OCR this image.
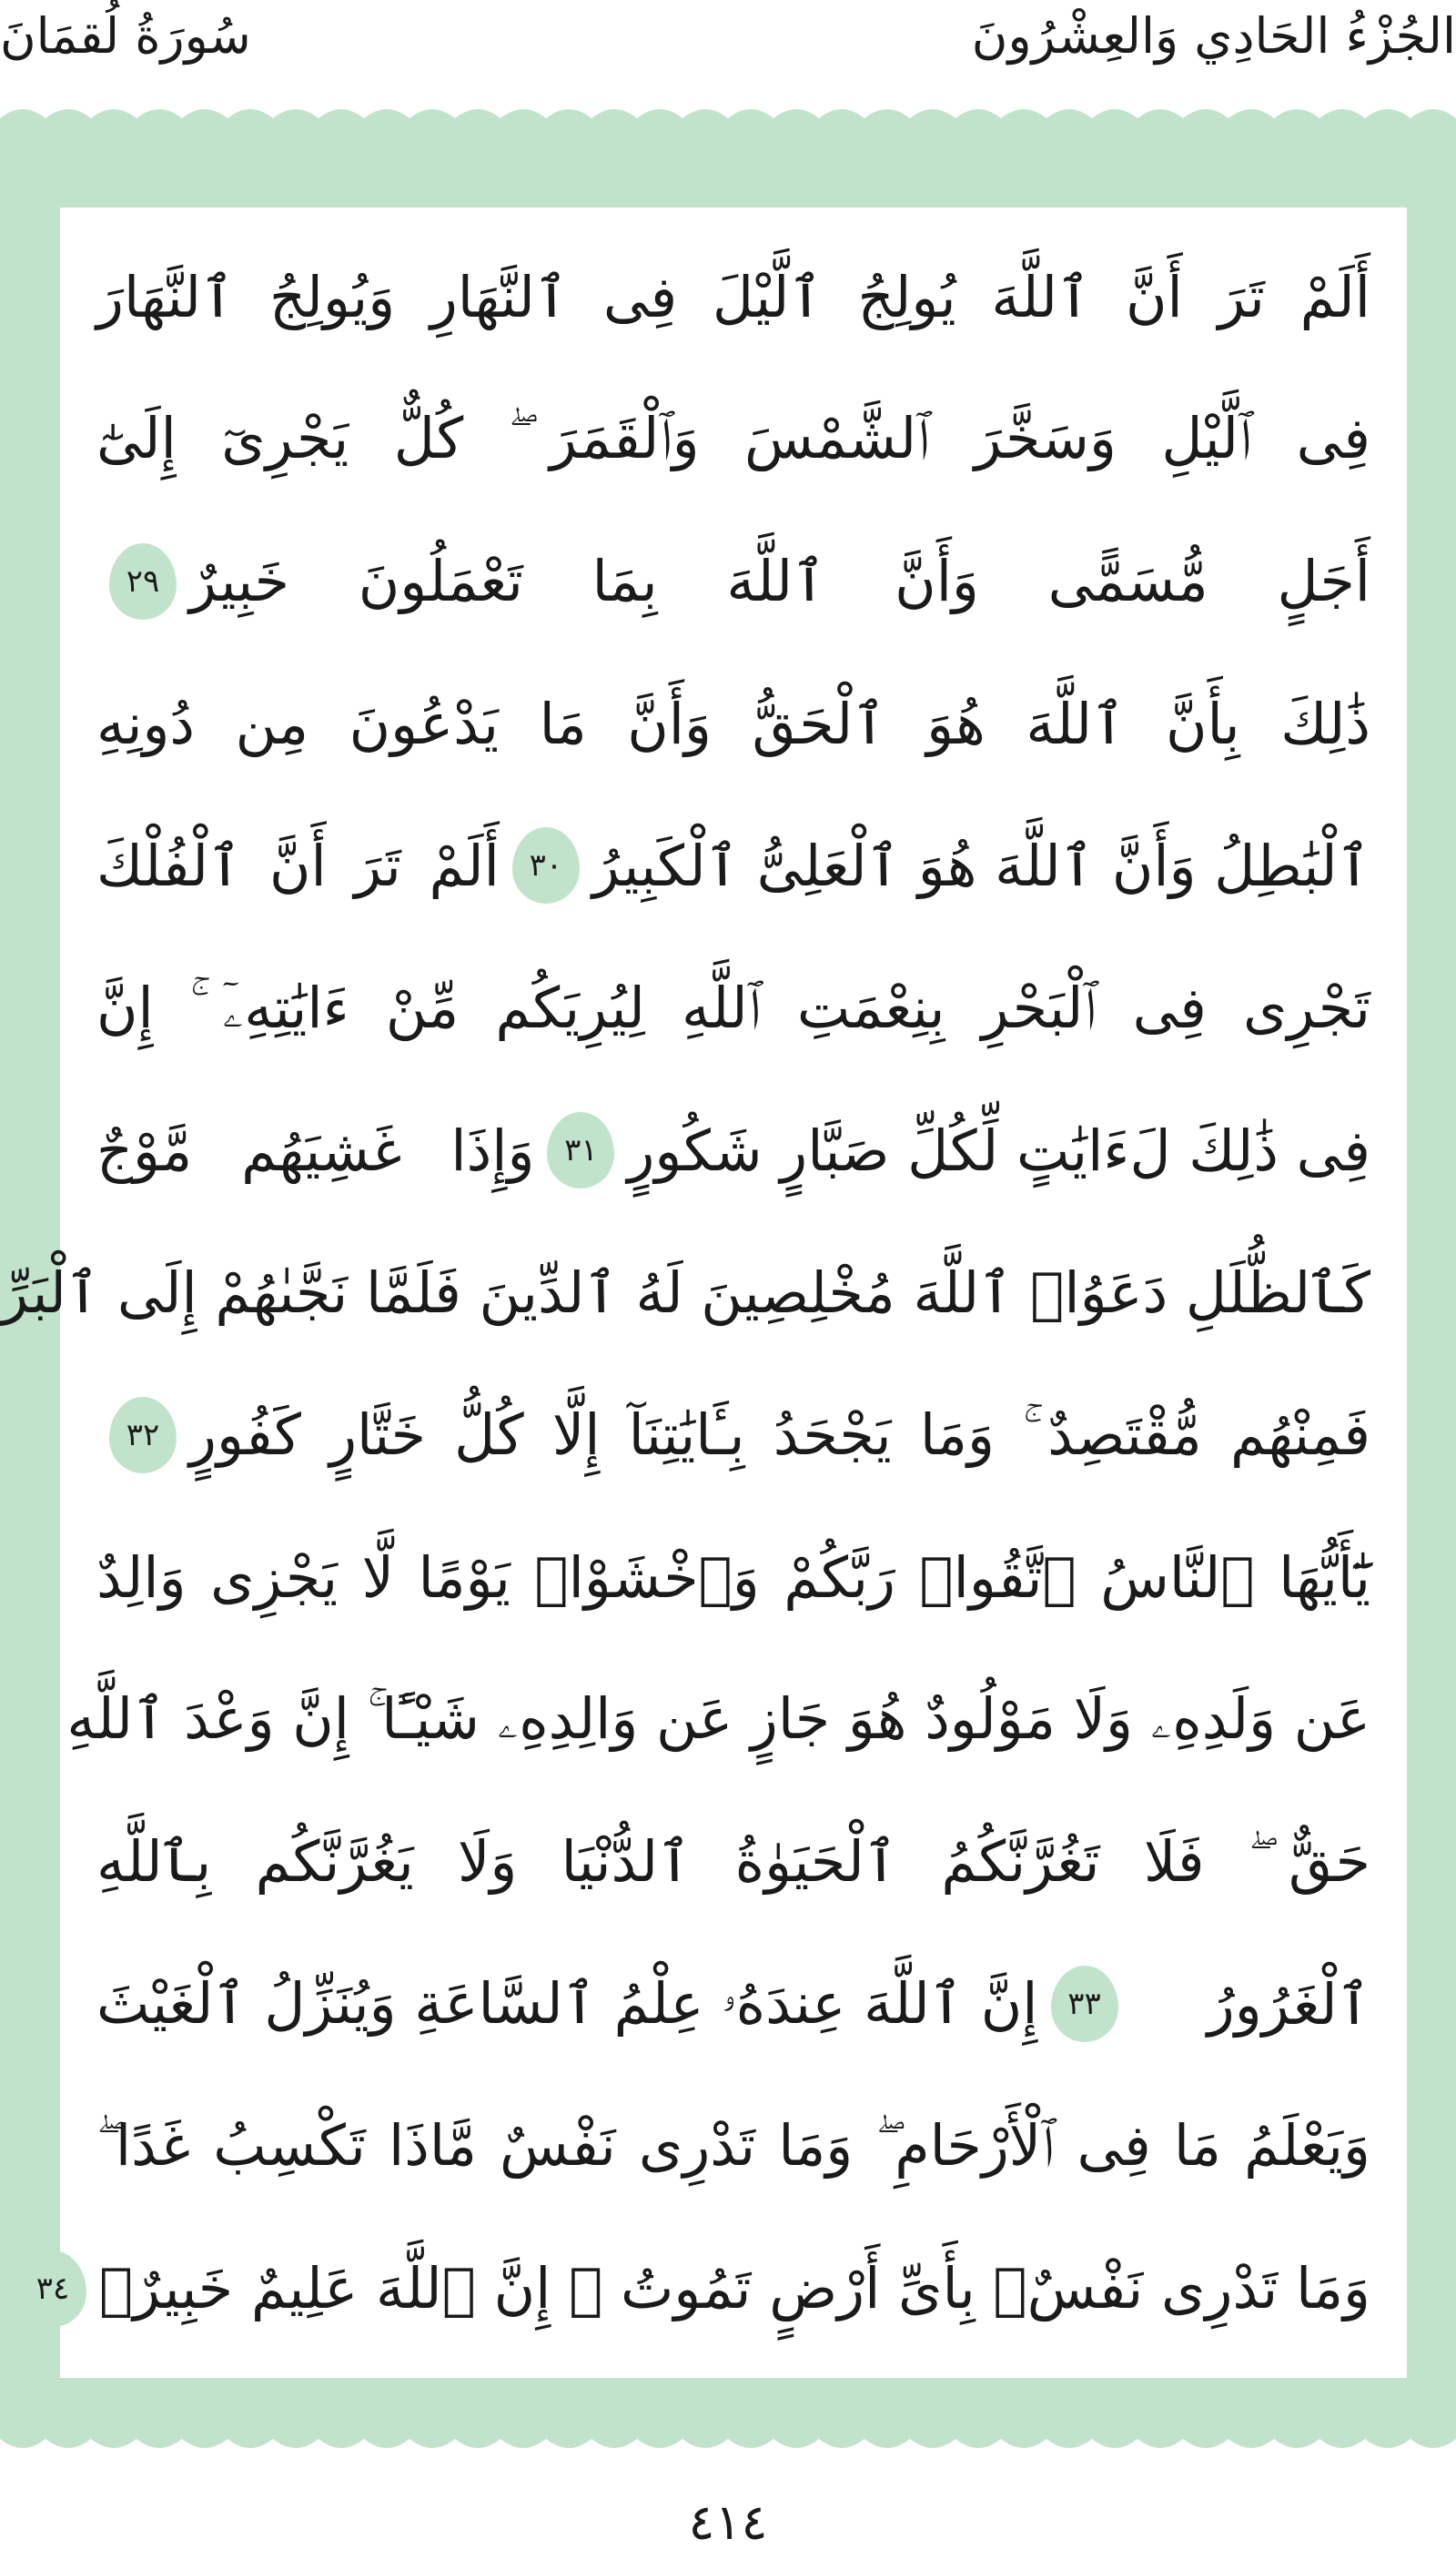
سُورَةُ لُقمَانَ	الجُزْءُ الحَادِي وَالعِشْرُونَ
أَلَمْ تَرَ أَنَّ ٱللَّهَ يُولِجُ ٱلَّيْلَ فِى ٱلنَّهَارِ وَيُولِجُ ٱلنَّهَارَ
فِى ٱلَّيْلِ وَسَخَّرَ ٱلشَّمْسَ وَٱلْقَمَرَ ۖ كُلٌّ يَجْرِىٓ إِلَىٰٓ
أَجَلٍ مُّسَمًّى وَأَنَّ ٱللَّهَ بِمَا تَعْمَلُونَ خَبِيرٌ
٢٩
ذَٰلِكَ بِأَنَّ ٱللَّهَ هُوَ ٱلْحَقُّ وَأَنَّ مَا يَدْعُونَ مِن دُونِهِ
ٱلْبَٰطِلُ وَأَنَّ ٱللَّهَ هُوَ ٱلْعَلِىُّ ٱلْكَبِيرُ
٣٠
أَلَمْ تَرَ أَنَّ ٱلْفُلْكَ
تَجْرِى فِى ٱلْبَحْرِ بِنِعْمَتِ ٱللَّهِ لِيُرِيَكُم مِّنْ ءَايَٰتِهِۦٓ ۚ إِنَّ
فِى ذَٰلِكَ لَءَايَٰتٍ لِّكُلِّ صَبَّارٍ شَكُورٍ
٣١
وَإِذَا غَشِيَهُم مَّوْجٌ
كَٱلظُّلَلِ دَعَوُا۟ ٱللَّهَ مُخْلِصِينَ لَهُ ٱلدِّينَ فَلَمَّا نَجَّىٰهُمْ إِلَى ٱلْبَرِّ
فَمِنْهُم مُّقْتَصِدٌ ۚ وَمَا يَجْحَدُ بِـَٔايَٰتِنَآ إِلَّا كُلُّ خَتَّارٍ كَفُورٍ
٣٢
يَٰٓأَيُّهَا ٱلنَّاسُ ٱتَّقُوا۟ رَبَّكُمْ وَٱخْشَوْا۟ يَوْمًا لَّا يَجْزِى وَالِدٌ
عَن وَلَدِهِۦ وَلَا مَوْلُودٌ هُوَ جَازٍ عَن وَالِدِهِۦ شَيْـًٔا ۚ إِنَّ وَعْدَ ٱللَّهِ
حَقٌّ ۖ فَلَا تَغُرَّنَّكُمُ ٱلْحَيَوٰةُ ٱلدُّنْيَا وَلَا يَغُرَّنَّكُم بِٱللَّهِ
ٱلْغَرُورُ
٣٣
إِنَّ ٱللَّهَ عِندَهُۥ عِلْمُ ٱلسَّاعَةِ وَيُنَزِّلُ ٱلْغَيْثَ
وَيَعْلَمُ مَا فِى ٱلْأَرْحَامِ ۖ وَمَا تَدْرِى نَفْسٌ مَّاذَا تَكْسِبُ غَدًا ۖ
وَمَا تَدْرِى نَفْسٌۢ بِأَىِّ أَرْضٍ تَمُوتُ ۚ إِنَّ ٱللَّهَ عَلِيمٌ خَبِيرٌۢ
٣٤
٤١٤
